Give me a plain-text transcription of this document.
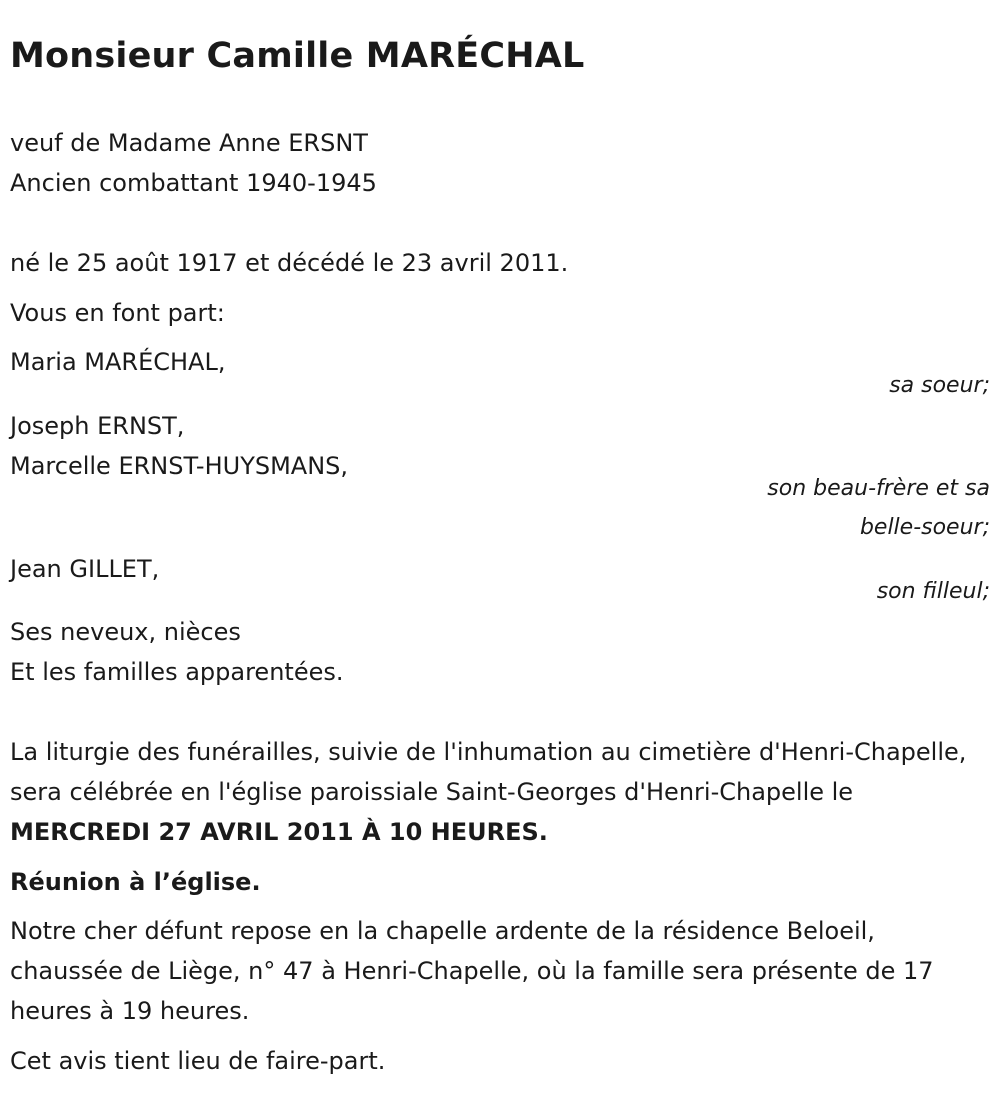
Monsieur Camille MARÉCHAL

veuf de Madame Anne ERSNT

Ancien combattant 1940-1945

né le 25 août 1917 et décédé le 23 avril 2011.

Vous en font part:

Maria MARÉCHAL,

sa soeur;

Joseph ERNST,

Marcelle ERNST-HUYSMANS,

son beau-frère et sa

belle-soeur;

Jean GILLET,

son filleul;

Ses neveux, nièces

Et les familles apparentées.

La liturgie des funérailles, suivie de l'inhumation au cimetière d'Henri-Chapelle, sera célébrée en l'église paroissiale Saint-Georges d'Henri-Chapelle le MERCREDI 27 AVRIL 2011 À 10 HEURES.

Réunion à l’église.

Notre cher défunt repose en la chapelle ardente de la résidence Beloeil, chaussée de Liège, n° 47 à Henri-Chapelle, où la famille sera présente de 17 heures à 19 heures.

Cet avis tient lieu de faire-part.
